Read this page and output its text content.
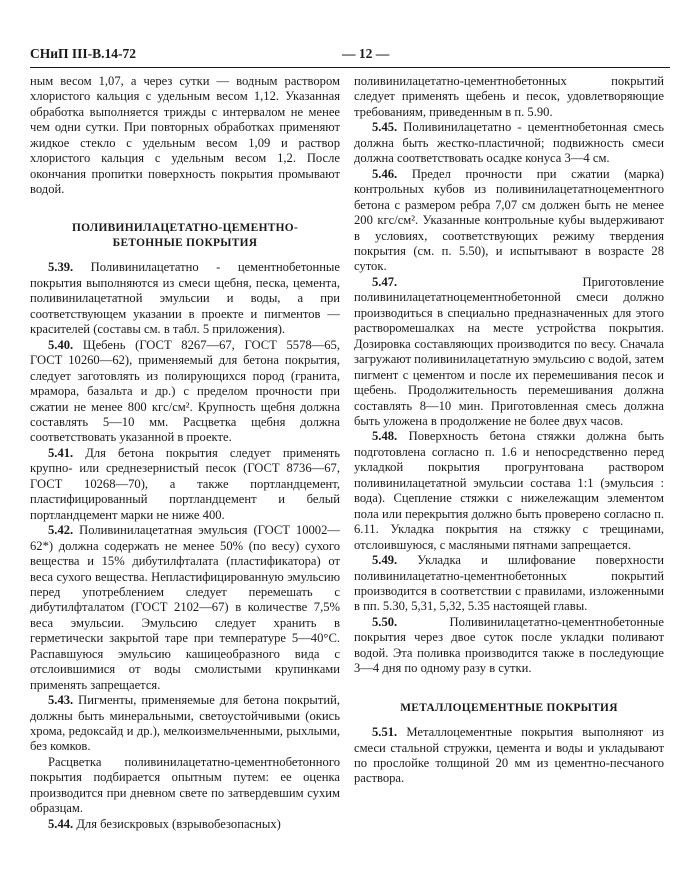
СНиП III-В.14-72	— 12 —

ным весом 1,07, а через сутки — водным раствором хлористого кальция с удельным весом 1,12. Указанная обработка выполняется трижды с интервалом не менее чем одни сутки. При повторных обработках применяют жидкое стекло с удельным весом 1,09 и раствор хлористого кальция с удельным весом 1,2. После окончания пропитки поверхность покрытия промывают водой.

ПОЛИВИНИЛАЦЕТАТНО-ЦЕМЕНТНО-БЕТОННЫЕ ПОКРЫТИЯ

5.39. Поливинилацетатно - цементнобетонные покрытия выполняются из смеси щебня, песка, цемента, поливинилацетатной эмульсии и воды, а при соответствующем указании в проекте и пигментов — красителей (составы см. в табл. 5 приложения).

5.40. Щебень (ГОСТ 8267—67, ГОСТ 5578—65, ГОСТ 10260—62), применяемый для бетона покрытия, следует заготовлять из полирующихся пород (гранита, мрамора, базальта и др.) с пределом прочности при сжатии не менее 800 кгс/см². Крупность щебня должна составлять 5—10 мм. Расцветка щебня должна соответствовать указанной в проекте.

5.41. Для бетона покрытия следует применять крупно- или среднезернистый песок (ГОСТ 8736—67, ГОСТ 10268—70), а также портландцемент, пластифицированный портландцемент и белый портландцемент марки не ниже 400.

5.42. Поливинилацетатная эмульсия (ГОСТ 10002—62*) должна содержать не менее 50% (по весу) сухого вещества и 15% дибутилфталата (пластификатора) от веса сухого вещества. Непластифицированную эмульсию перед употреблением следует перемешать с дибутилфталатом (ГОСТ 2102—67) в количестве 7,5% веса эмульсии. Эмульсию следует хранить в герметически закрытой таре при температуре 5—40°С. Распавшуюся эмульсию кашицеобразного вида с отслоившимися от воды смолистыми крупинками применять запрещается.

5.43. Пигменты, применяемые для бетона покрытий, должны быть минеральными, светоустойчивыми (окись хрома, редоксайд и др.), мелкоизмельченными, рыхлыми, без комков.

Расцветка поливинилацетатно-цементнобетонного покрытия подбирается опытным путем: ее оценка производится при дневном свете по затвердевшим сухим образцам.

5.44. Для безискровых (взрывобезопасных)

поливинилацетатно-цементнобетонных покрытий следует применять щебень и песок, удовлетворяющие требованиям, приведенным в п. 5.90.

5.45. Поливинилацетатно - цементнобетонная смесь должна быть жестко-пластичной; подвижность смеси должна соответствовать осадке конуса 3—4 см.

5.46. Предел прочности при сжатии (марка) контрольных кубов из поливинилацетатноцементного бетона с размером ребра 7,07 см должен быть не менее 200 кгс/см². Указанные контрольные кубы выдерживают в условиях, соответствующих режиму твердения покрытия (см. п. 5.50), и испытывают в возрасте 28 суток.

5.47.	Приготовление поливинилацетатноцементнобетонной смеси должно производиться в специально предназначенных для этого растворомешалках на месте устройства покрытия. Дозировка составляющих производится по весу. Сначала загружают поливинилацетатную эмульсию с водой, затем пигмент с цементом и после их перемешивания песок и щебень. Продолжительность перемешивания должна составлять 8—10 мин. Приготовленная смесь должна быть уложена в продолжение не более двух часов.

5.48. Поверхность бетона стяжки должна быть подготовлена согласно п. 1.6 и непосредственно перед укладкой покрытия прогрунтована раствором поливинилацетатной эмульсии состава 1:1 (эмульсия : вода). Сцепление стяжки с нижележащим элементом пола или перекрытия должно быть проверено согласно п. 6.11. Укладка покрытия на стяжку с трещинами, отслоившуюся, с масляными пятнами запрещается.

5.49. Укладка и шлифование поверхности поливинилацетатно-цементнобетонных покрытий производится в соответствии с правилами, изложенными в пп. 5.30, 5,31, 5,32, 5.35 настоящей главы.

5.50.	Поливинилацетатно-цементнобетонные покрытия через двое суток после укладки поливают водой. Эта поливка производится также в последующие 3—4 дня по одному разу в сутки.

МЕТАЛЛОЦЕМЕНТНЫЕ ПОКРЫТИЯ

5.51. Металлоцементные покрытия выполняют из смеси стальной стружки, цемента и воды и укладывают по прослойке толщиной 20 мм из цементно-песчаного раствора.
